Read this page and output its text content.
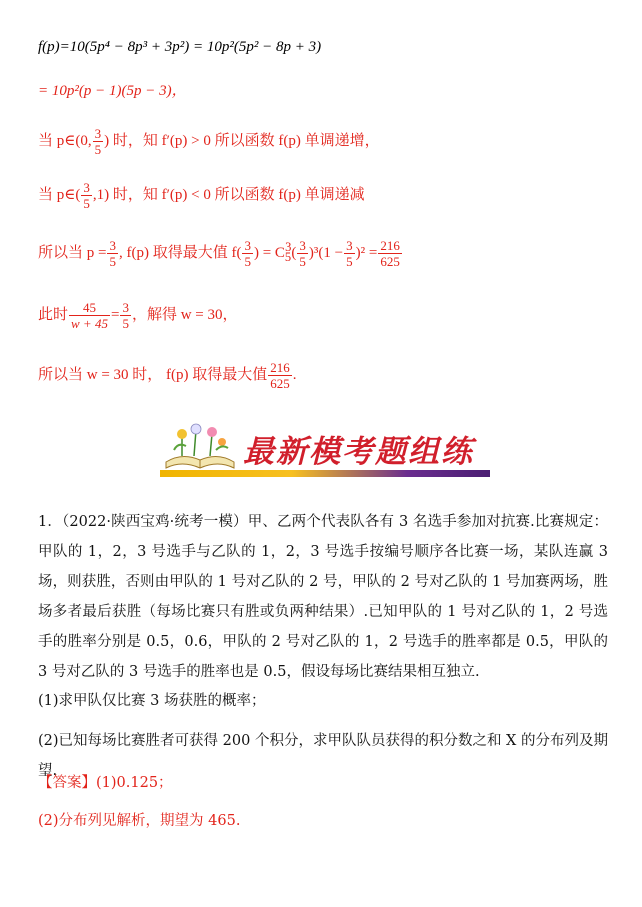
f(p)=10(5p⁴ − 8p³ + 3p²) = 10p²(5p² − 8p + 3)
= 10p²(p − 1)(5p − 3)，
当 p∈(0, $\frac{3}{5}$ ) 时，知 f′(p) > 0 所以函数 f(p) 单调递增，
当 p∈( $\frac{3}{5} ,1$) 时，知 f′(p) < 0 所以函数 f(p) 单调递减
所以当 $p = \frac{3}{5}$ , f(p) 取得最大值 $f( \frac{3}{5}$ ) = $C_5^3( \frac{3}{5} )^3(1 - \frac{3}{5} )^2 = \frac{216}{625}$
此时 $\frac{45}{w + 45} = \frac{3}{5}$ ，解得 w = 30，
所以当 w = 30 时， f(p) 取得最大值 $\frac{216}{625}$ .
最新模考题组练
1．（2022·陕西宝鸡·统考一模）甲、乙两个代表队各有 3 名选手参加对抗赛.比赛规定：甲队的 1，2，3 号选手与乙队的 1，2，3 号选手按编号顺序各比赛一场，某队连赢 3 场，则获胜，否则由甲队的 1 号对乙队的 2 号，甲队的 2 号对乙队的 1 号加赛两场，胜场多者最后获胜（每场比赛只有胜或负两种结果）.已知甲队的 1 号对乙队的 1，2 号选手的胜率分别是 0.5，0.6，甲队的 2 号对乙队的 1，2 号选手的胜率都是 0.5，甲队的 3 号对乙队的 3 号选手的胜率也是 0.5，假设每场比赛结果相互独立.
(1)求甲队仅比赛 3 场获胜的概率；
(2)已知每场比赛胜者可获得 200 个积分，求甲队队员获得的积分数之和 X 的分布列及期望.
【答案】(1)0.125；
(2)分布列见解析，期望为 465.
